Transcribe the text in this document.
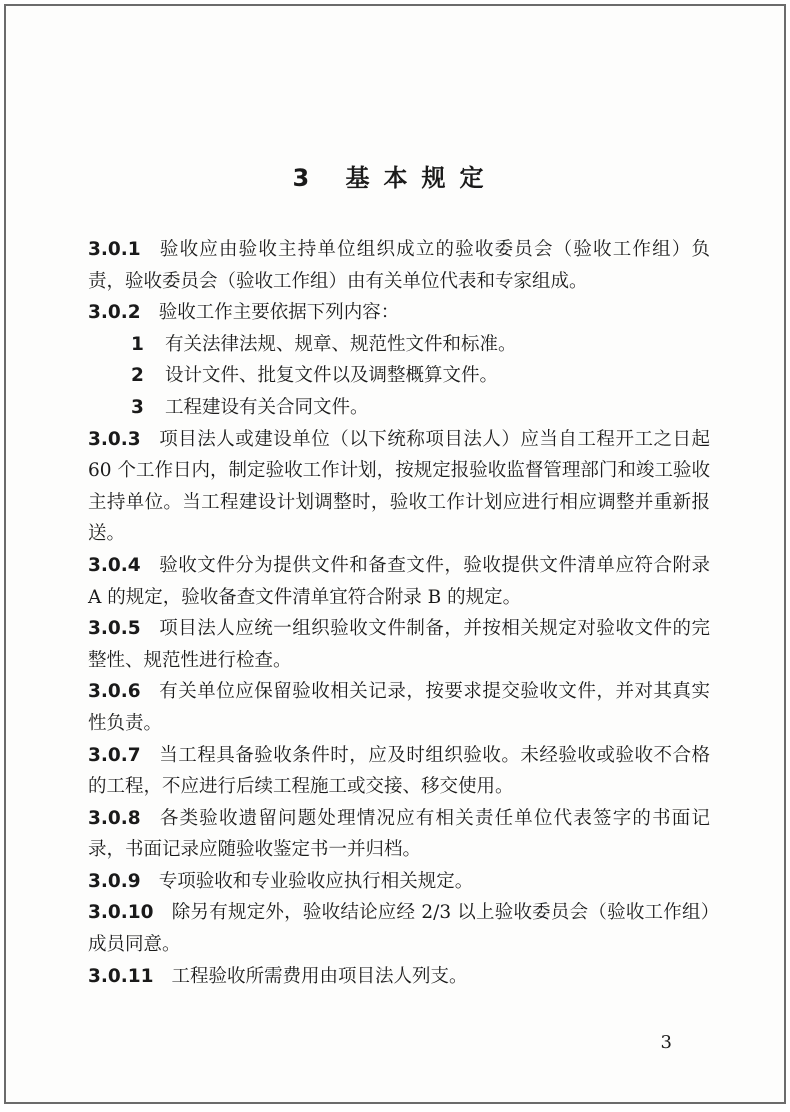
3 基本规定

3.0.1 验收应由验收主持单位组织成立的验收委员会（验收工作组）负责，验收委员会（验收工作组）由有关单位代表和专家组成。

3.0.2 验收工作主要依据下列内容：

1 有关法律法规、规章、规范性文件和标准。

2 设计文件、批复文件以及调整概算文件。

3 工程建设有关合同文件。

3.0.3 项目法人或建设单位（以下统称项目法人）应当自工程开工之日起 60 个工作日内，制定验收工作计划，按规定报验收监督管理部门和竣工验收主持单位。当工程建设计划调整时，验收工作计划应进行相应调整并重新报送。

3.0.4 验收文件分为提供文件和备查文件，验收提供文件清单应符合附录 A 的规定，验收备查文件清单宜符合附录 B 的规定。

3.0.5 项目法人应统一组织验收文件制备，并按相关规定对验收文件的完整性、规范性进行检查。

3.0.6 有关单位应保留验收相关记录，按要求提交验收文件，并对其真实性负责。

3.0.7 当工程具备验收条件时，应及时组织验收。未经验收或验收不合格的工程，不应进行后续工程施工或交接、移交使用。

3.0.8 各类验收遗留问题处理情况应有相关责任单位代表签字的书面记录，书面记录应随验收鉴定书一并归档。

3.0.9 专项验收和专业验收应执行相关规定。

3.0.10 除另有规定外，验收结论应经 2/3 以上验收委员会（验收工作组）成员同意。

3.0.11 工程验收所需费用由项目法人列支。

3
